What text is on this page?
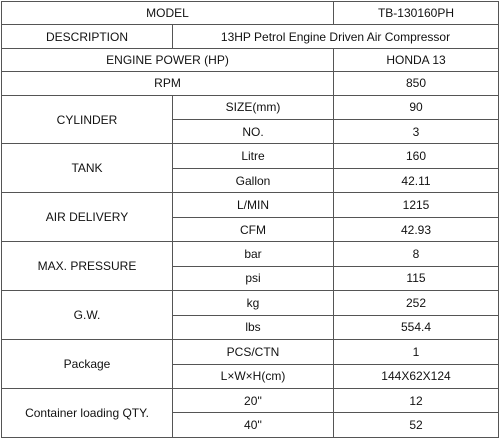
MODEL		TB-130160PH
DESCRIPTION	13HP Petrol Engine Driven Air Compressor	
ENGINE POWER (HP)		HONDA 13
RPM		850
CYLINDER	SIZE(mm)	90
	NO.	3
TANK	Litre	160
	Gallon	42.11
AIR DELIVERY	L/MIN	1215
	CFM	42.93
MAX. PRESSURE	bar	8
	psi	115
G.W.	kg	252
	lbs	554.4
Package	PCS/CTN	1
	L×W×H(cm)	144X62X124
Container loading QTY.	20''	12
	40''	52
